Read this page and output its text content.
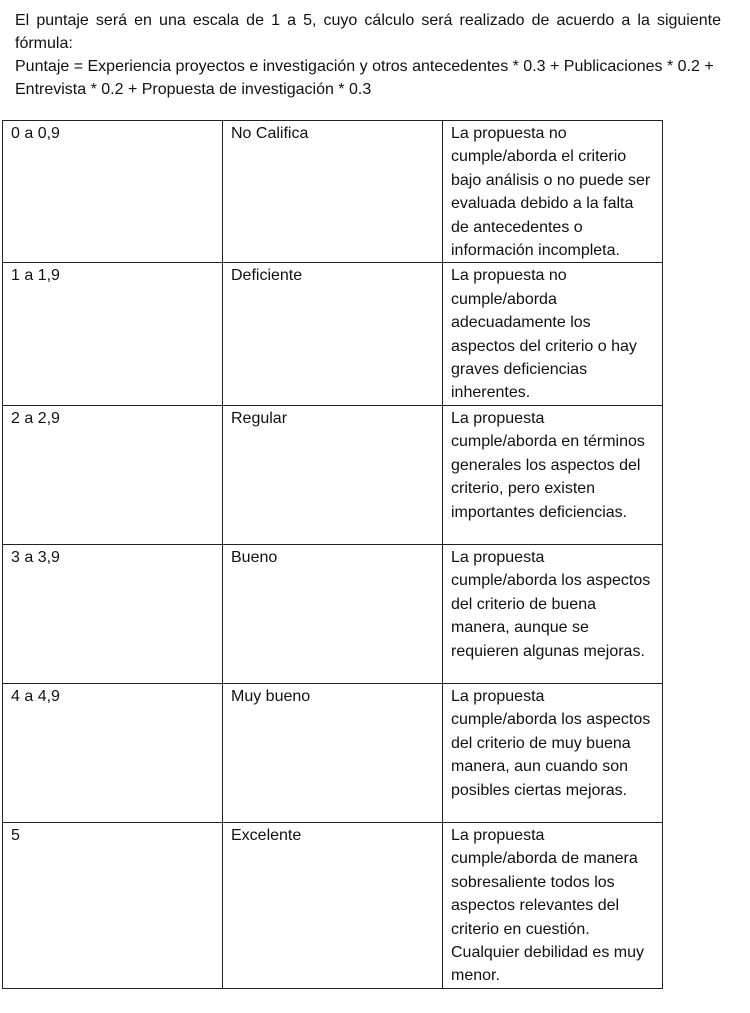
El puntaje será en una escala de 1 a 5, cuyo cálculo será realizado de acuerdo a la siguiente fórmula:

Puntaje = Experiencia proyectos e investigación y otros antecedentes * 0.3 + Publicaciones * 0.2 + Entrevista * 0.2 + Propuesta de investigación * 0.3

0 a 0,9	No Califica	La propuesta no cumple/aborda el criterio bajo análisis o no puede ser evaluada debido a la falta de antecedentes o información incompleta.
1 a 1,9	Deficiente	La propuesta no cumple/aborda adecuadamente los aspectos del criterio o hay graves deficiencias inherentes.
2 a 2,9	Regular	La propuesta cumple/aborda en términos generales los aspectos del criterio, pero existen importantes deficiencias.
3 a 3,9	Bueno	La propuesta cumple/aborda los aspectos del criterio de buena manera, aunque se requieren algunas mejoras.
4 a 4,9	Muy bueno	La propuesta cumple/aborda los aspectos del criterio de muy buena manera, aun cuando son posibles ciertas mejoras.
5	Excelente	La propuesta cumple/aborda de manera sobresaliente todos los aspectos relevantes del criterio en cuestión. Cualquier debilidad es muy menor.
